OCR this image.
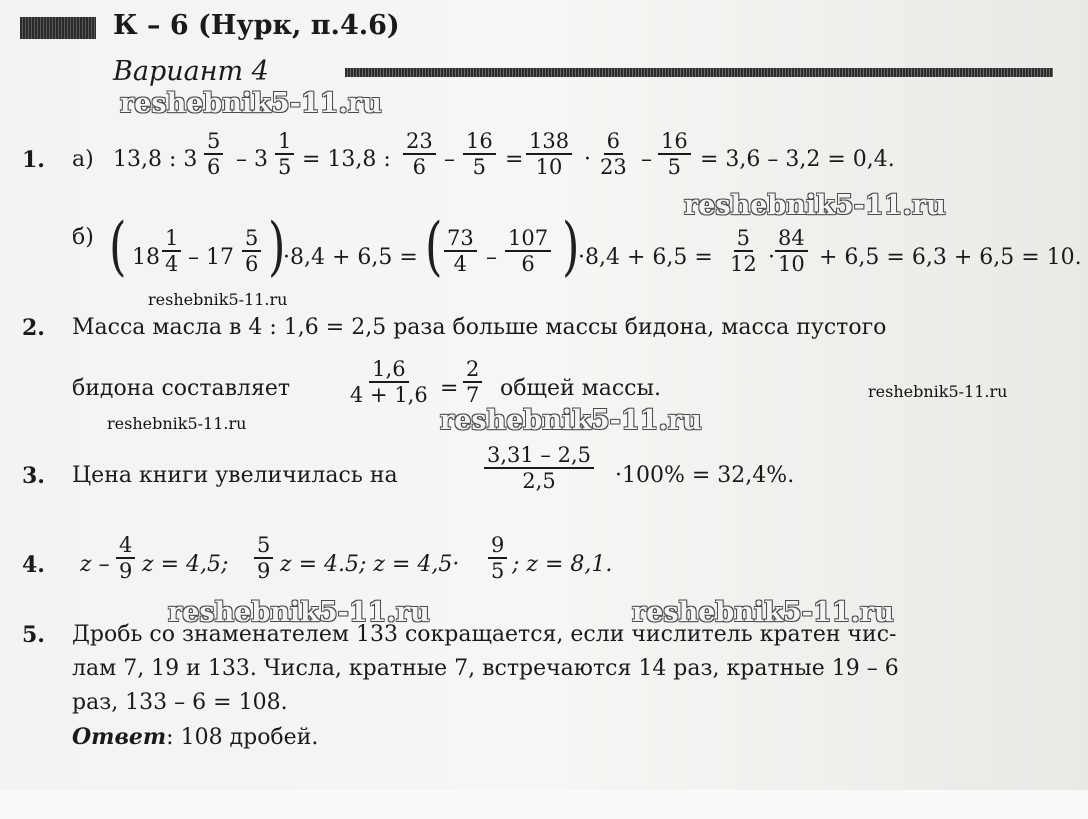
К – 6 (Нурк, п.4.6)
Вариант 4
1. а) 13,8 : $3 \frac{5}{6} - 3 \frac{1}{5} = 13,8$ : $\frac{23}{6} - \frac{16}{5} = \frac{138}{10} \cdot \frac{6}{23} - \frac{16}{5} = 3,6 - 3,2 = 0,4$.
б) ( $18 \frac{1}{4} - 17 \frac{5}{6}$ )
·8,4 + 6,5 = ( $\frac{73}{4} - \frac{107}{6}$ )
$\cdot 8,4 + 6,5 = \frac{5}{12} \cdot \frac{84}{10} + 6,5 = 6,3 + 6,5 = 10$.
2. Масса масла в 4 : 1,6 = 2,5 раза больше массы бидона, масса пустого
бидона составляет	$\frac{1,6}{4 + 1,6} = \frac{2}{7}$ общей массы.
3. Цена книги увеличилась на	$\frac{3,31 - 2,5}{2,5} \cdot 100\% = 32,4\%$.
4. z – $\frac{4}{9}$ z = 4,5; $\frac{5}{9}$ z = 4.5; $z = 4,5\cdot \frac{9}{5}$ ; z = 8,1.
5. Дробь со знаменателем 133 сокращается, если числитель кратен чис-
лам 7, 19 и 133. Числа, кратные 7, встречаются 14 раз, кратные 19 – 6
раз, 133 – 6 = 108.
Ответ: 108 дробей.
reshebnik5-11.ru
reshebnik5-11.ru
reshebnik5-11.ru
reshebnik5-11.ru
reshebnik5-11.ru	reshebnik5-11.ru
reshebnik5-11.ru	reshebnik5-11.ru
